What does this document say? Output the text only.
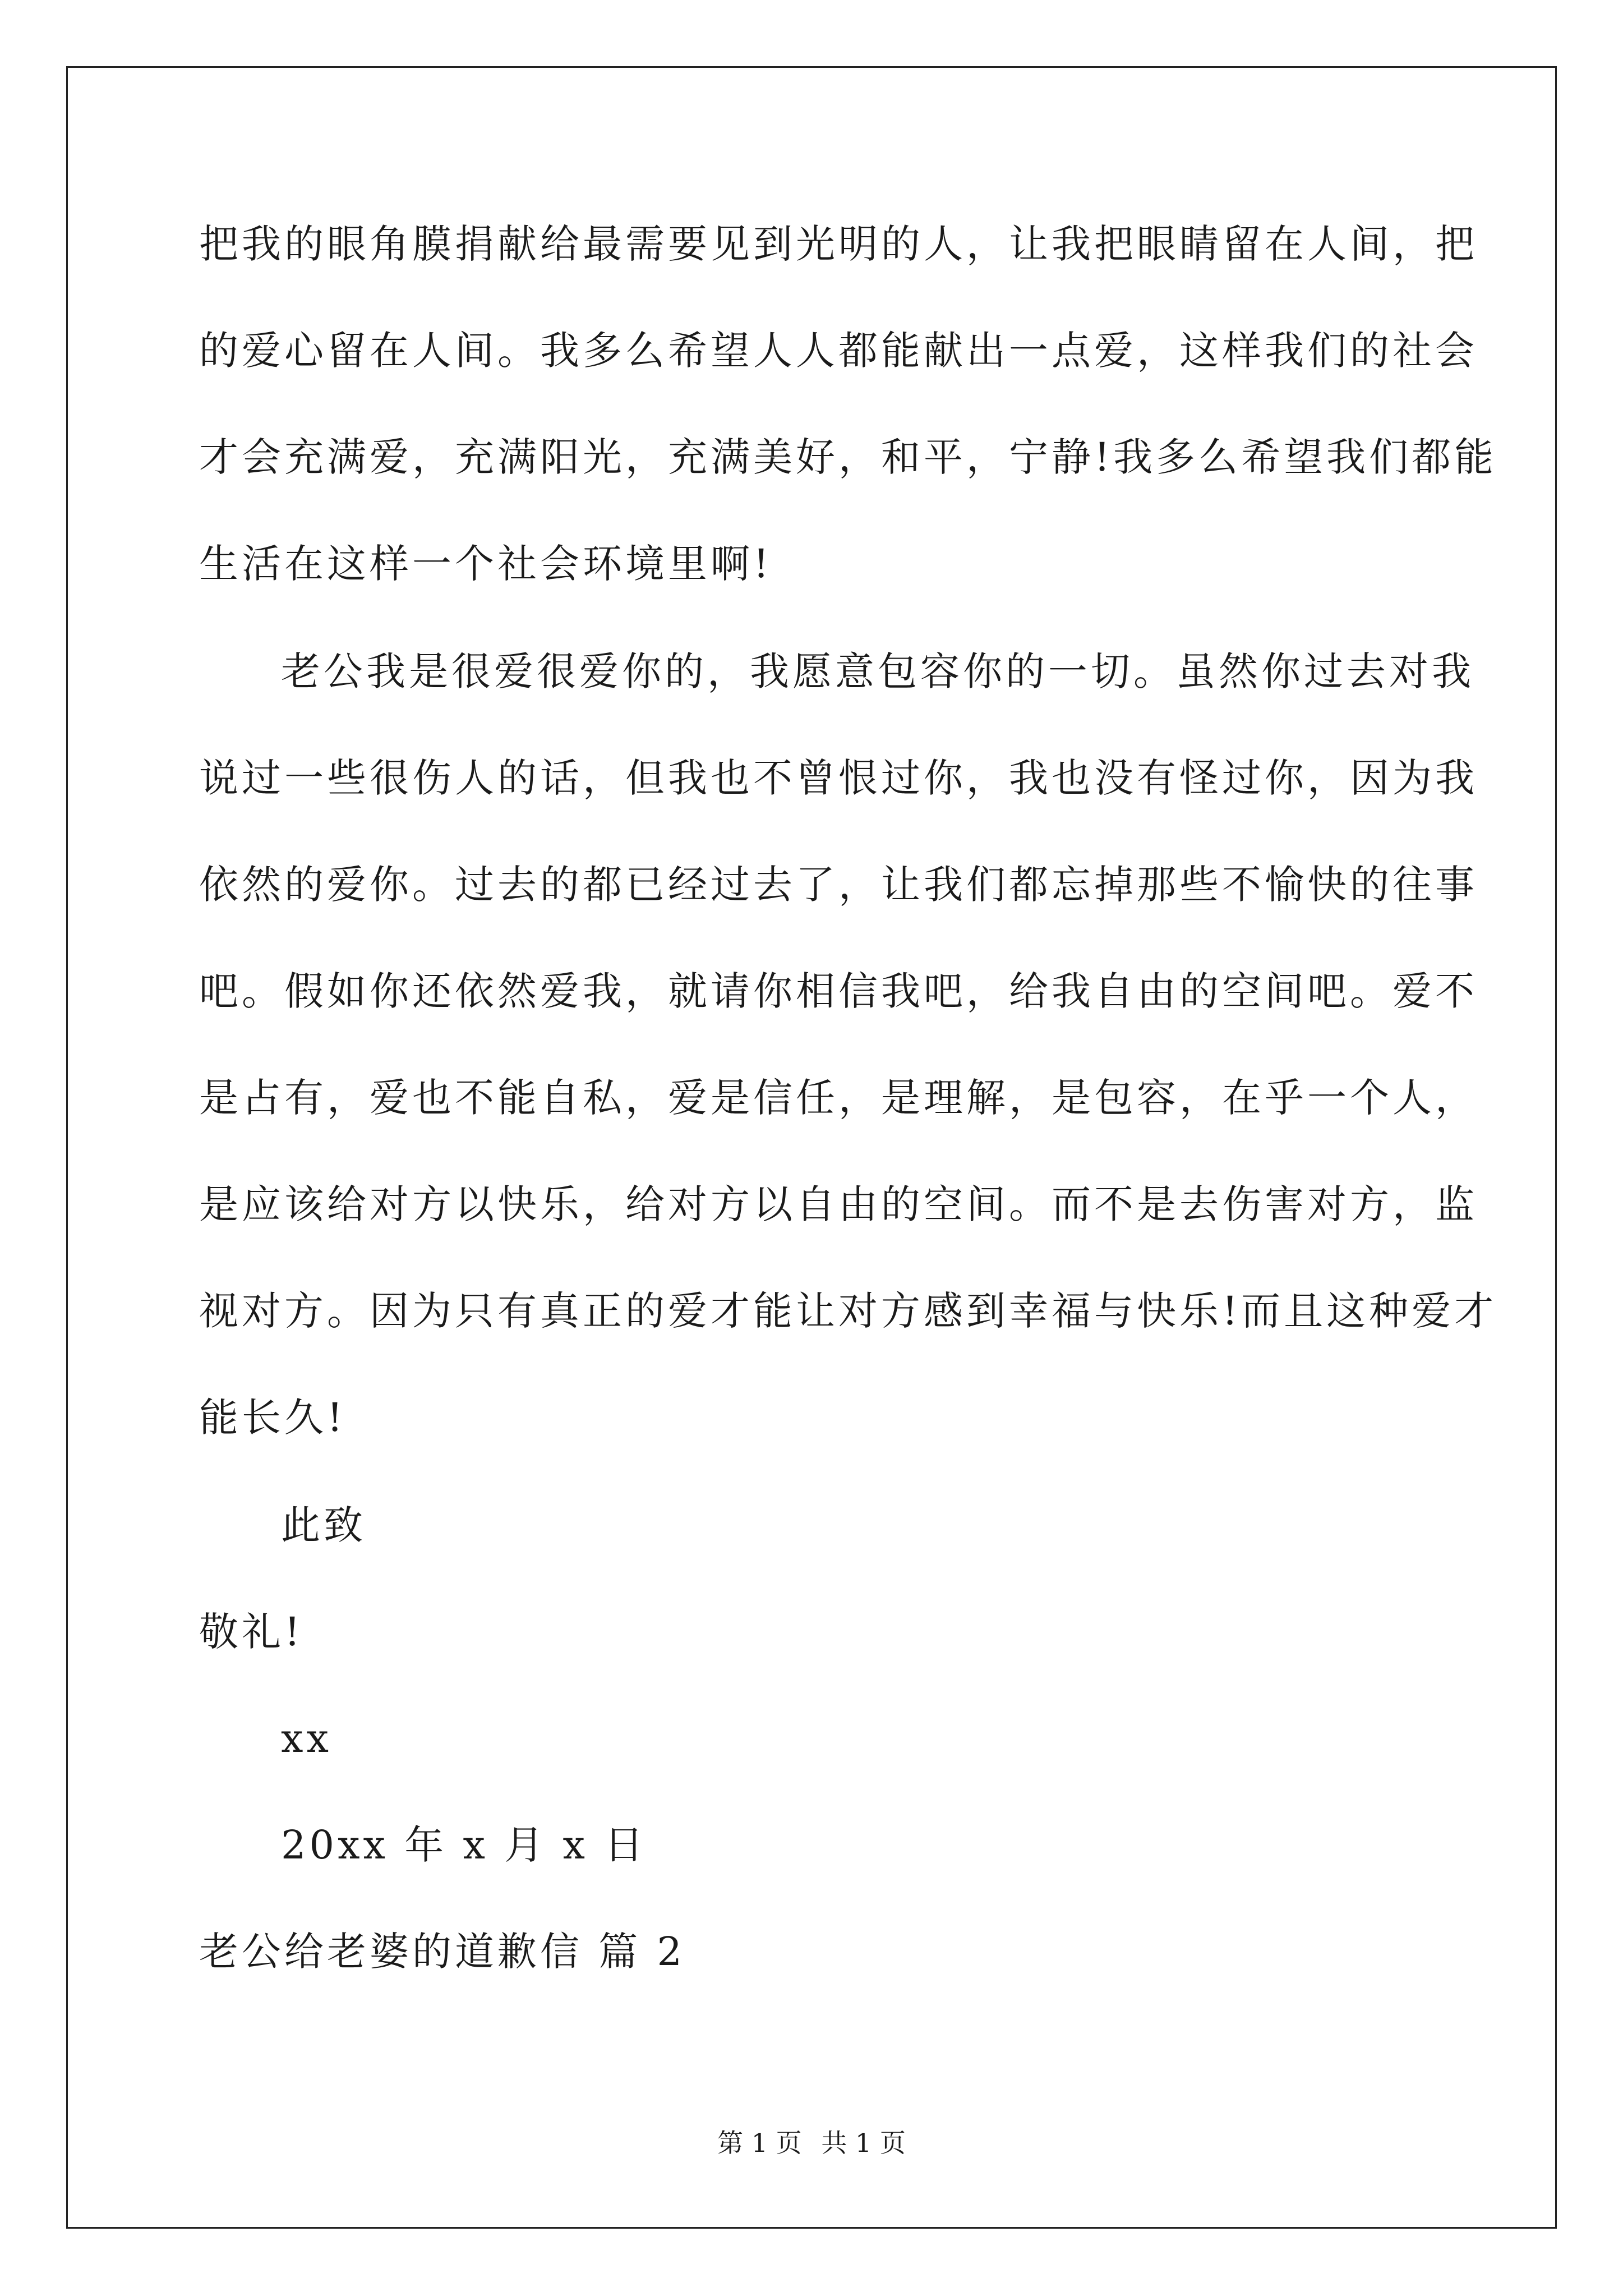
把我的眼角膜捐献给最需要见到光明的人，让我把眼睛留在人间，把
的爱心留在人间。我多么希望人人都能献出一点爱，这样我们的社会
才会充满爱，充满阳光，充满美好，和平，宁静!我多么希望我们都能
生活在这样一个社会环境里啊!
老公我是很爱很爱你的，我愿意包容你的一切。虽然你过去对我
说过一些很伤人的话，但我也不曾恨过你，我也没有怪过你，因为我
依然的爱你。过去的都已经过去了，让我们都忘掉那些不愉快的往事
吧。假如你还依然爱我，就请你相信我吧，给我自由的空间吧。爱不
是占有，爱也不能自私，爱是信任，是理解，是包容，在乎一个人，
是应该给对方以快乐，给对方以自由的空间。而不是去伤害对方，监
视对方。因为只有真正的爱才能让对方感到幸福与快乐!而且这种爱才
能长久!
此致
敬礼!
xx
20xx 年 x 月 x 日
老公给老婆的道歉信 篇 2
第 1 页 共 1 页
